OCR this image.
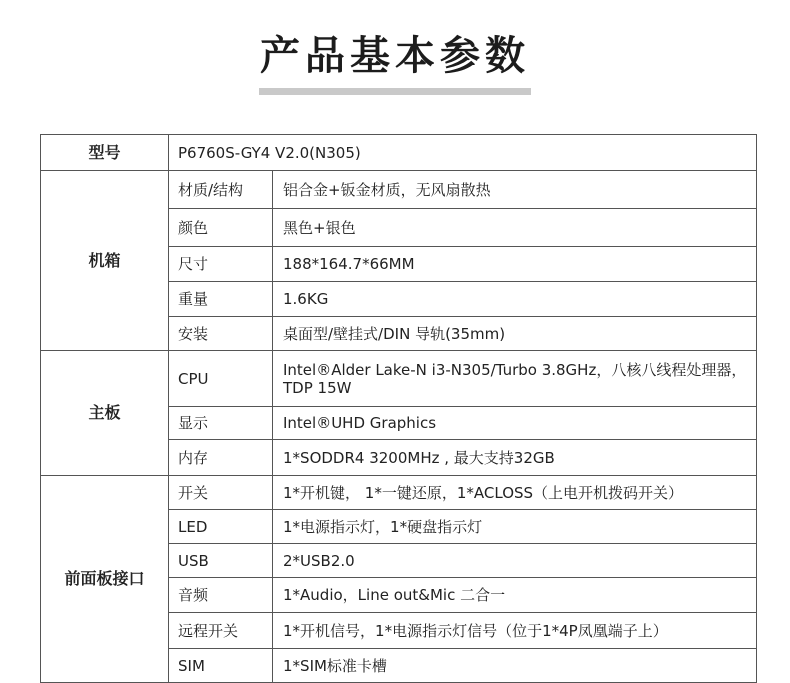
产品基本参数
型号	P6760S-GY4 V2.0(N305)	
机箱	材质/结构	铝合金+钣金材质，无风扇散热
	颜色	黑色+银色
	尺寸	188*164.7*66MM
	重量	1.6KG
	安装	桌面型/壁挂式/DIN 导轨(35mm)
主板	CPU	Intel®Alder Lake-N i3-N305/Turbo 3.8GHz，八核八线程处理器，TDP 15W
	显示	Intel®UHD Graphics
	内存	1*SODDR4 3200MHz , 最大支持32GB
前面板接口	开关	1*开机键， 1*一键还原，1*ACLOSS（上电开机拨码开关）
	LED	1*电源指示灯，1*硬盘指示灯
	USB	2*USB2.0
	音频	1*Audio，Line out&Mic 二合一
	远程开关	1*开机信号，1*电源指示灯信号（位于1*4P凤凰端子上）
	SIM	1*SIM标准卡槽
